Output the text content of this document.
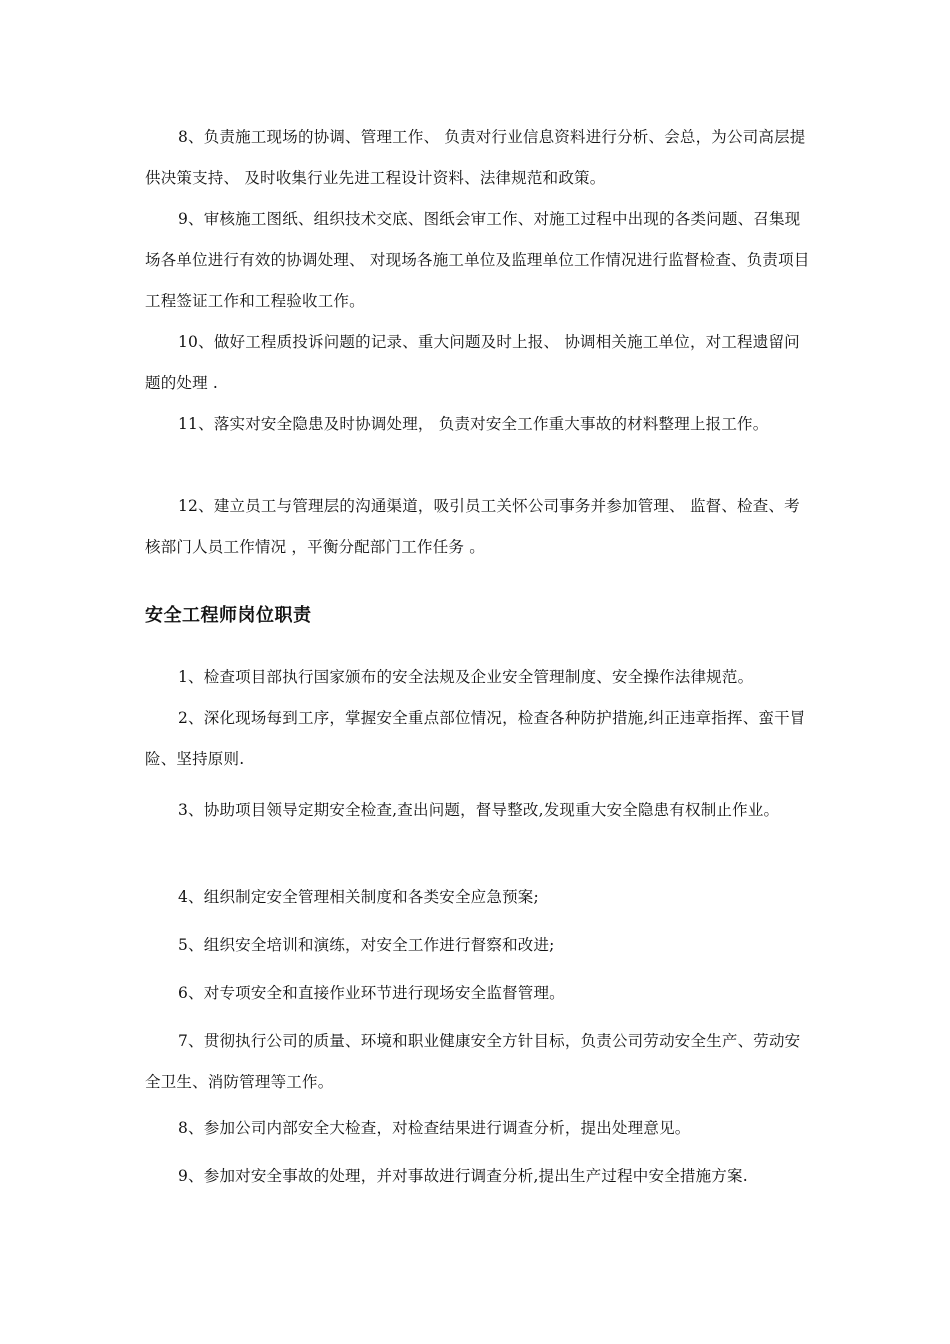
8、负责施工现场的协调、管理工作、 负责对行业信息资料进行分析、会总，为公司高层提供决策支持、 及时收集行业先进工程设计资料、法律规范和政策。

9、审核施工图纸、组织技术交底、图纸会审工作、对施工过程中出现的各类问题、召集现场各单位进行有效的协调处理、 对现场各施工单位及监理单位工作情况进行监督检查、负责项目工程签证工作和工程验收工作。

10、做好工程质投诉问题的记录、重大问题及时上报、 协调相关施工单位，对工程遗留问题的处理 .

11、落实对安全隐患及时协调处理， 负责对安全工作重大事故的材料整理上报工作。

12、建立员工与管理层的沟通渠道，吸引员工关怀公司事务并参加管理、 监督、检查、考核部门人员工作情况 ，平衡分配部门工作任务 。

安全工程师岗位职责

1、检查项目部执行国家颁布的安全法规及企业安全管理制度、安全操作法律规范。

2、深化现场每到工序，掌握安全重点部位情况，检查各种防护措施,纠正违章指挥、蛮干冒险、坚持原则.

3、协助项目领导定期安全检查,查出问题，督导整改,发现重大安全隐患有权制止作业。

4、组织制定安全管理相关制度和各类安全应急预案;

5、组织安全培训和演练，对安全工作进行督察和改进;

6、对专项安全和直接作业环节进行现场安全监督管理。

7、贯彻执行公司的质量、环境和职业健康安全方针目标，负责公司劳动安全生产、劳动安全卫生、消防管理等工作。

8、参加公司内部安全大检查，对检查结果进行调查分析，提出处理意见。

9、参加对安全事故的处理，并对事故进行调查分析,提出生产过程中安全措施方案.
